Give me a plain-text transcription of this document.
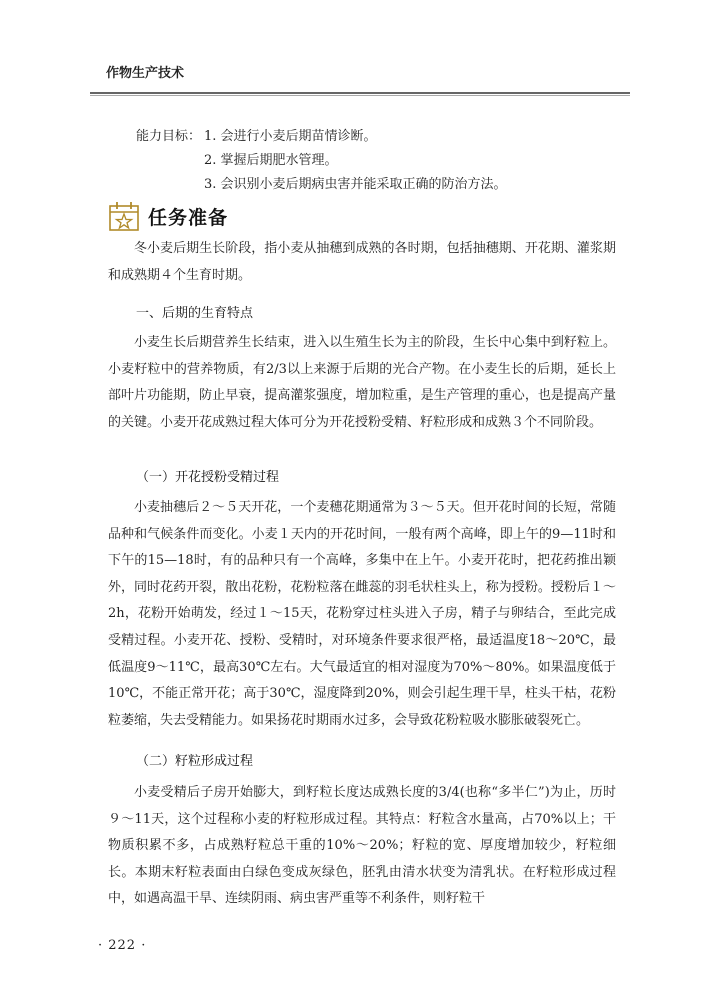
作物生产技术
能力目标： 1. 会进行小麦后期苗情诊断。
2. 掌握后期肥水管理。
3. 会识别小麦后期病虫害并能采取正确的防治方法。
任务准备

冬小麦后期生长阶段，指小麦从抽穗到成熟的各时期，包括抽穗期、开花期、灌浆期和成熟期４个生育时期。

一、后期的生育特点

小麦生长后期营养生长结束，进入以生殖生长为主的阶段，生长中心集中到籽粒上。小麦籽粒中的营养物质，有2/3以上来源于后期的光合产物。在小麦生长的后期，延长上部叶片功能期，防止早衰，提高灌浆强度，增加粒重，是生产管理的重心，也是提高产量的关键。小麦开花成熟过程大体可分为开花授粉受精、籽粒形成和成熟３个不同阶段。

（一）开花授粉受精过程

小麦抽穗后２～５天开花，一个麦穗花期通常为３～５天。但开花时间的长短，常随品种和气候条件而变化。小麦１天内的开花时间，一般有两个高峰，即上午的9—11时和下午的15—18时，有的品种只有一个高峰，多集中在上午。小麦开花时，把花药推出颖外，同时花药开裂，散出花粉，花粉粒落在雌蕊的羽毛状柱头上，称为授粉。授粉后１～2h，花粉开始萌发，经过１～15天，花粉穿过柱头进入子房，精子与卵结合，至此完成受精过程。小麦开花、授粉、受精时，对环境条件要求很严格，最适温度18～20℃，最低温度9～11℃，最高30℃左右。大气最适宜的相对湿度为70%～80%。如果温度低于10℃，不能正常开花；高于30℃，湿度降到20%，则会引起生理干旱，柱头干枯，花粉粒萎缩，失去受精能力。如果扬花时期雨水过多，会导致花粉粒吸水膨胀破裂死亡。

（二）籽粒形成过程

小麦受精后子房开始膨大，到籽粒长度达成熟长度的3/4(也称“多半仁”)为止，历时９～11天，这个过程称小麦的籽粒形成过程。其特点：籽粒含水量高，占70%以上；干物质积累不多，占成熟籽粒总干重的10%～20%；籽粒的宽、厚度增加较少，籽粒细长。本期末籽粒表面由白绿色变成灰绿色，胚乳由清水状变为清乳状。在籽粒形成过程中，如遇高温干旱、连续阴雨、病虫害严重等不利条件，则籽粒干

· 222 ·
